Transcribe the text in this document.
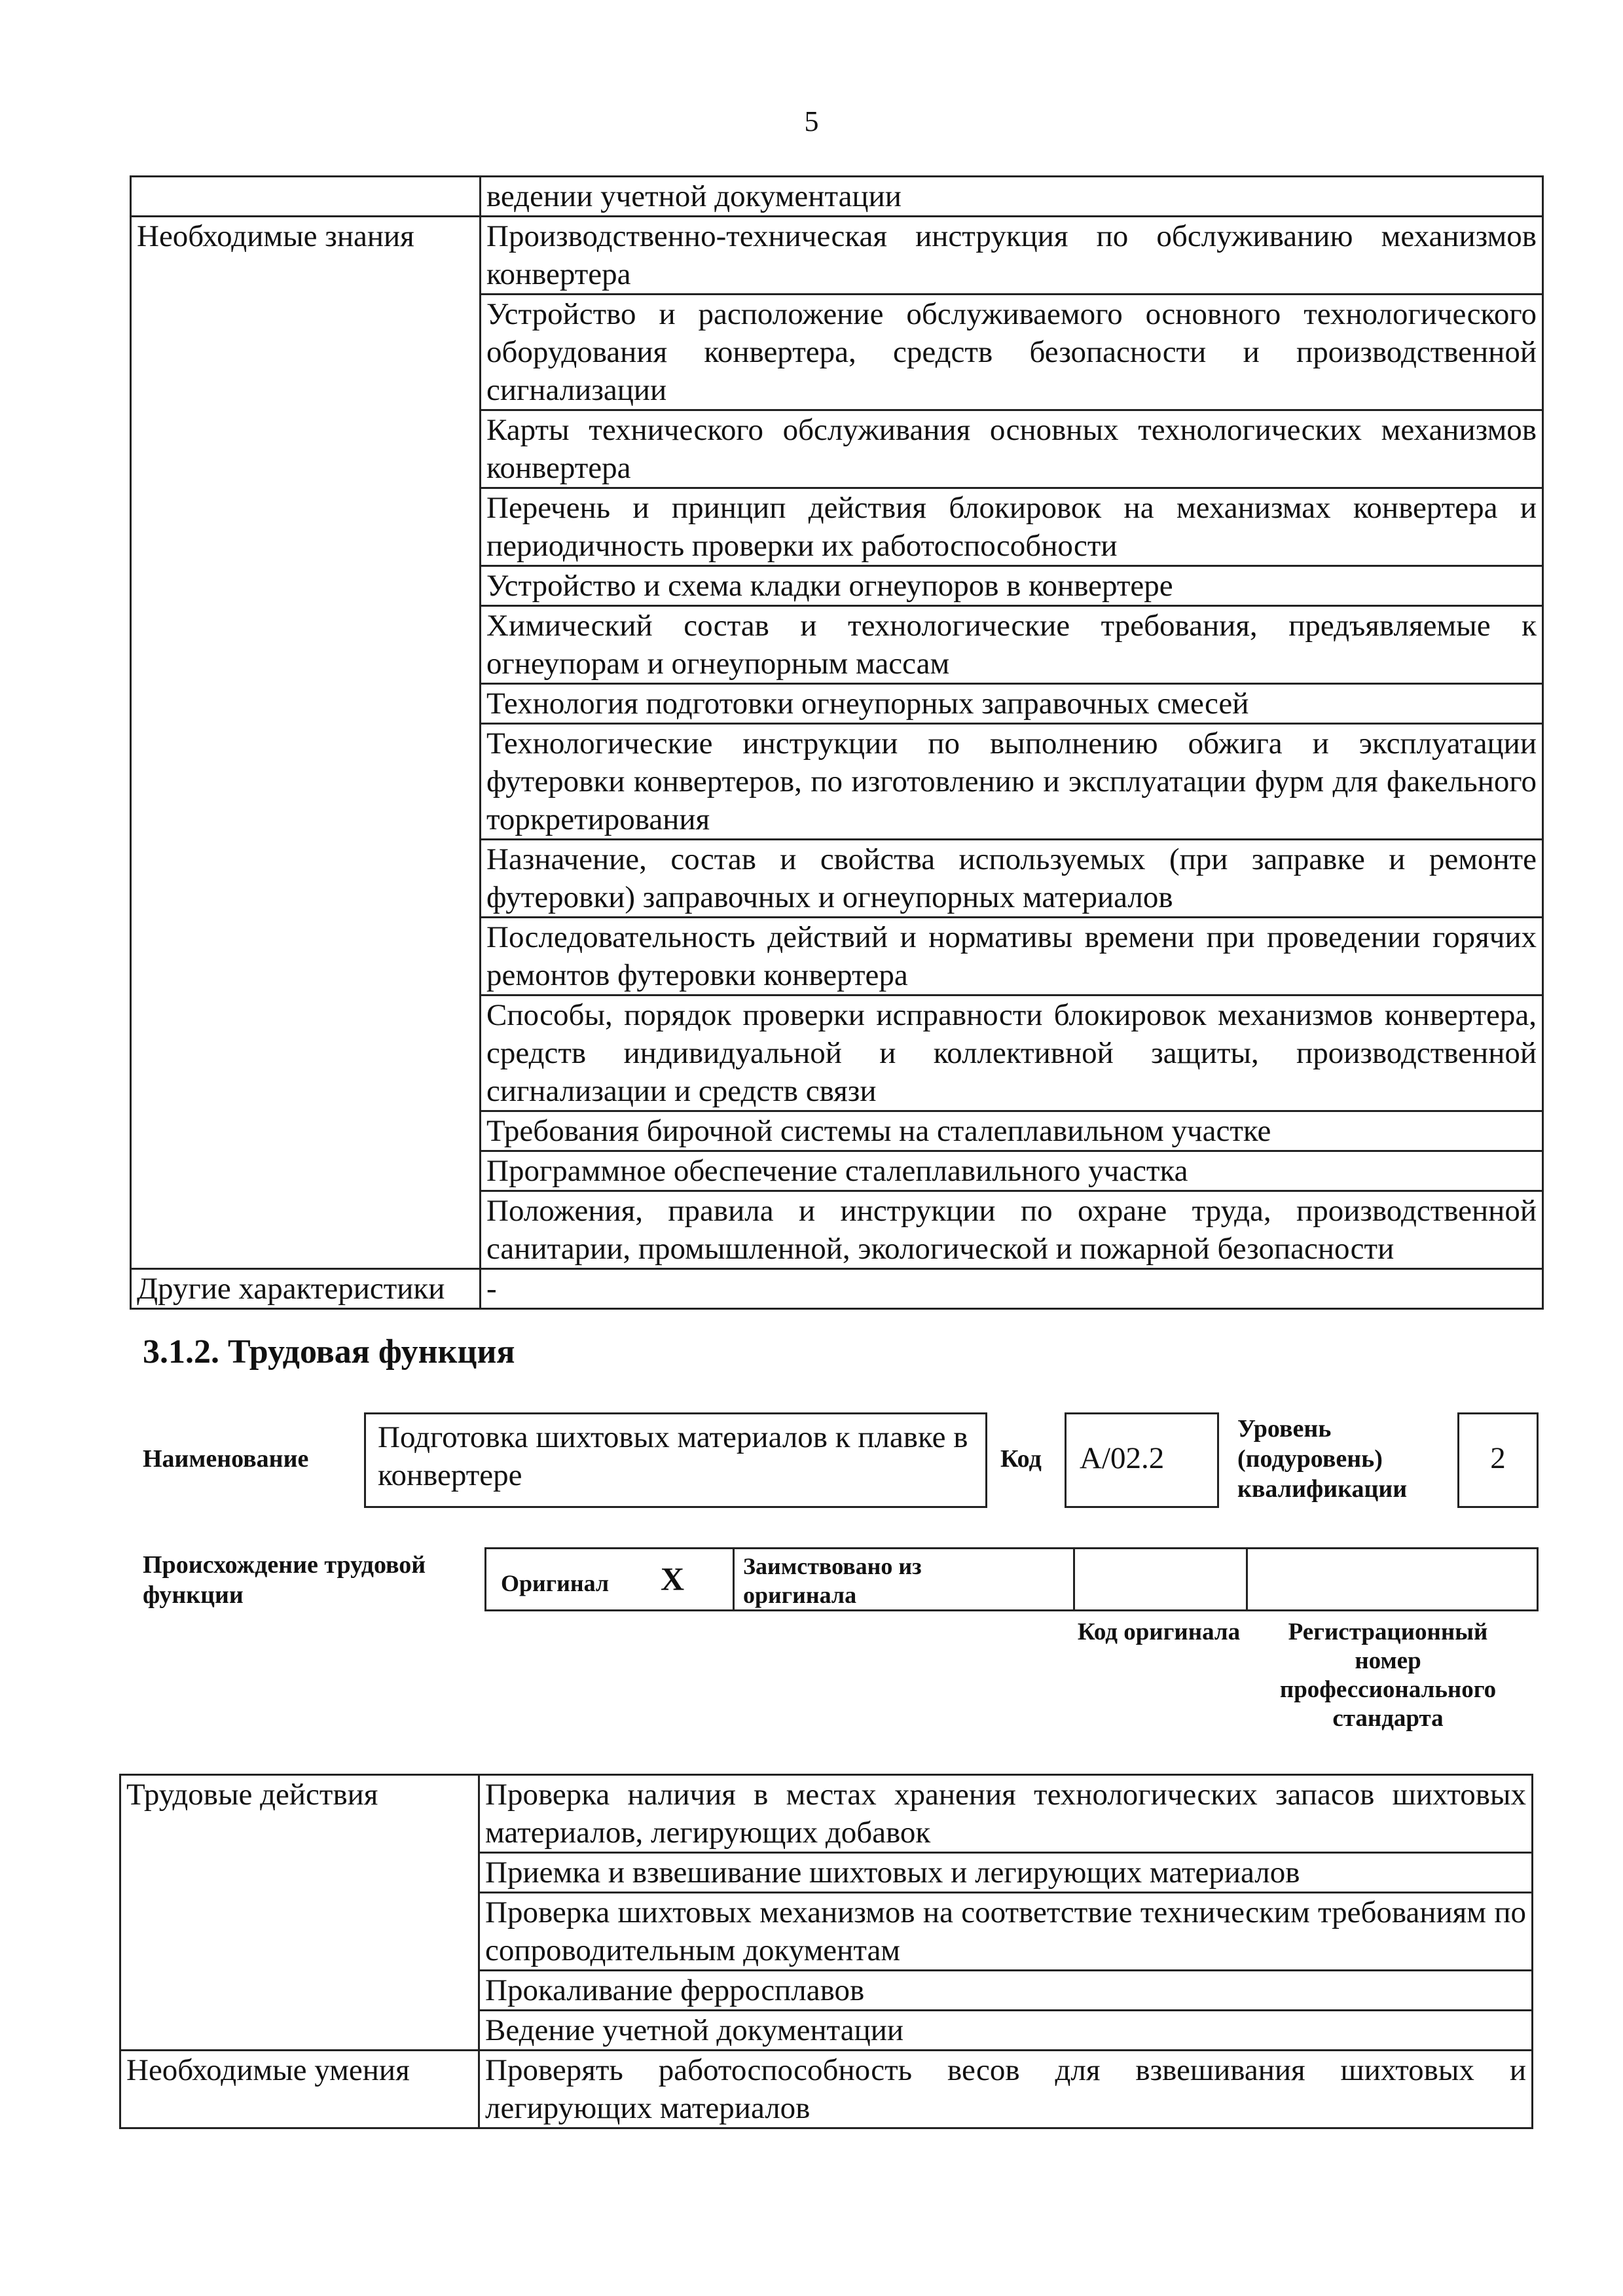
5
	ведении учетной документации
Необходимые знания	Производственно-техническая инструкция по обслуживанию механизмов конвертера
	Устройство и расположение обслуживаемого основного технологического оборудования конвертера, средств безопасности и производственной сигнализации
	Карты технического обслуживания основных технологических механизмов конвертера
	Перечень и принцип действия блокировок на механизмах конвертера и периодичность проверки их работоспособности
	Устройство и схема кладки огнеупоров в конвертере
	Химический состав и технологические требования, предъявляемые к огнеупорам и огнеупорным массам
	Технология подготовки огнеупорных заправочных смесей
	Технологические инструкции по выполнению обжига и эксплуатации футеровки конвертеров, по изготовлению и эксплуатации фурм для факельного торкретирования
	Назначение, состав и свойства используемых (при заправке и ремонте футеровки) заправочных и огнеупорных материалов
	Последовательность действий и нормативы времени при проведении горячих ремонтов футеровки конвертера
	Способы, порядок проверки исправности блокировок механизмов конвертера, средств индивидуальной и коллективной защиты, производственной сигнализации и средств связи
	Требования бирочной системы на сталеплавильном участке
	Программное обеспечение сталеплавильного участка
	Положения, правила и инструкции по охране труда, производственной санитарии, промышленной, экологической и пожарной безопасности
Другие характеристики	-
3.1.2. Трудовая функция
Наименование
Подготовка шихтовых материалов к плавке в конвертере	Код	А/02.2
Уровень (подуровень) квалификации
2
Происхождение трудовой функции	Оригинал X Заимствовано из оригинала
Код оригинала	Регистрационный номер профессионального стандарта
Трудовые действия	Проверка наличия в местах хранения технологических запасов шихтовых материалов, легирующих добавок
	Приемка и взвешивание шихтовых и легирующих материалов
	Проверка шихтовых механизмов на соответствие техническим требованиям по сопроводительным документам
	Прокаливание ферросплавов
	Ведение учетной документации
Необходимые умения	Проверять работоспособность весов для взвешивания шихтовых и легирующих материалов
